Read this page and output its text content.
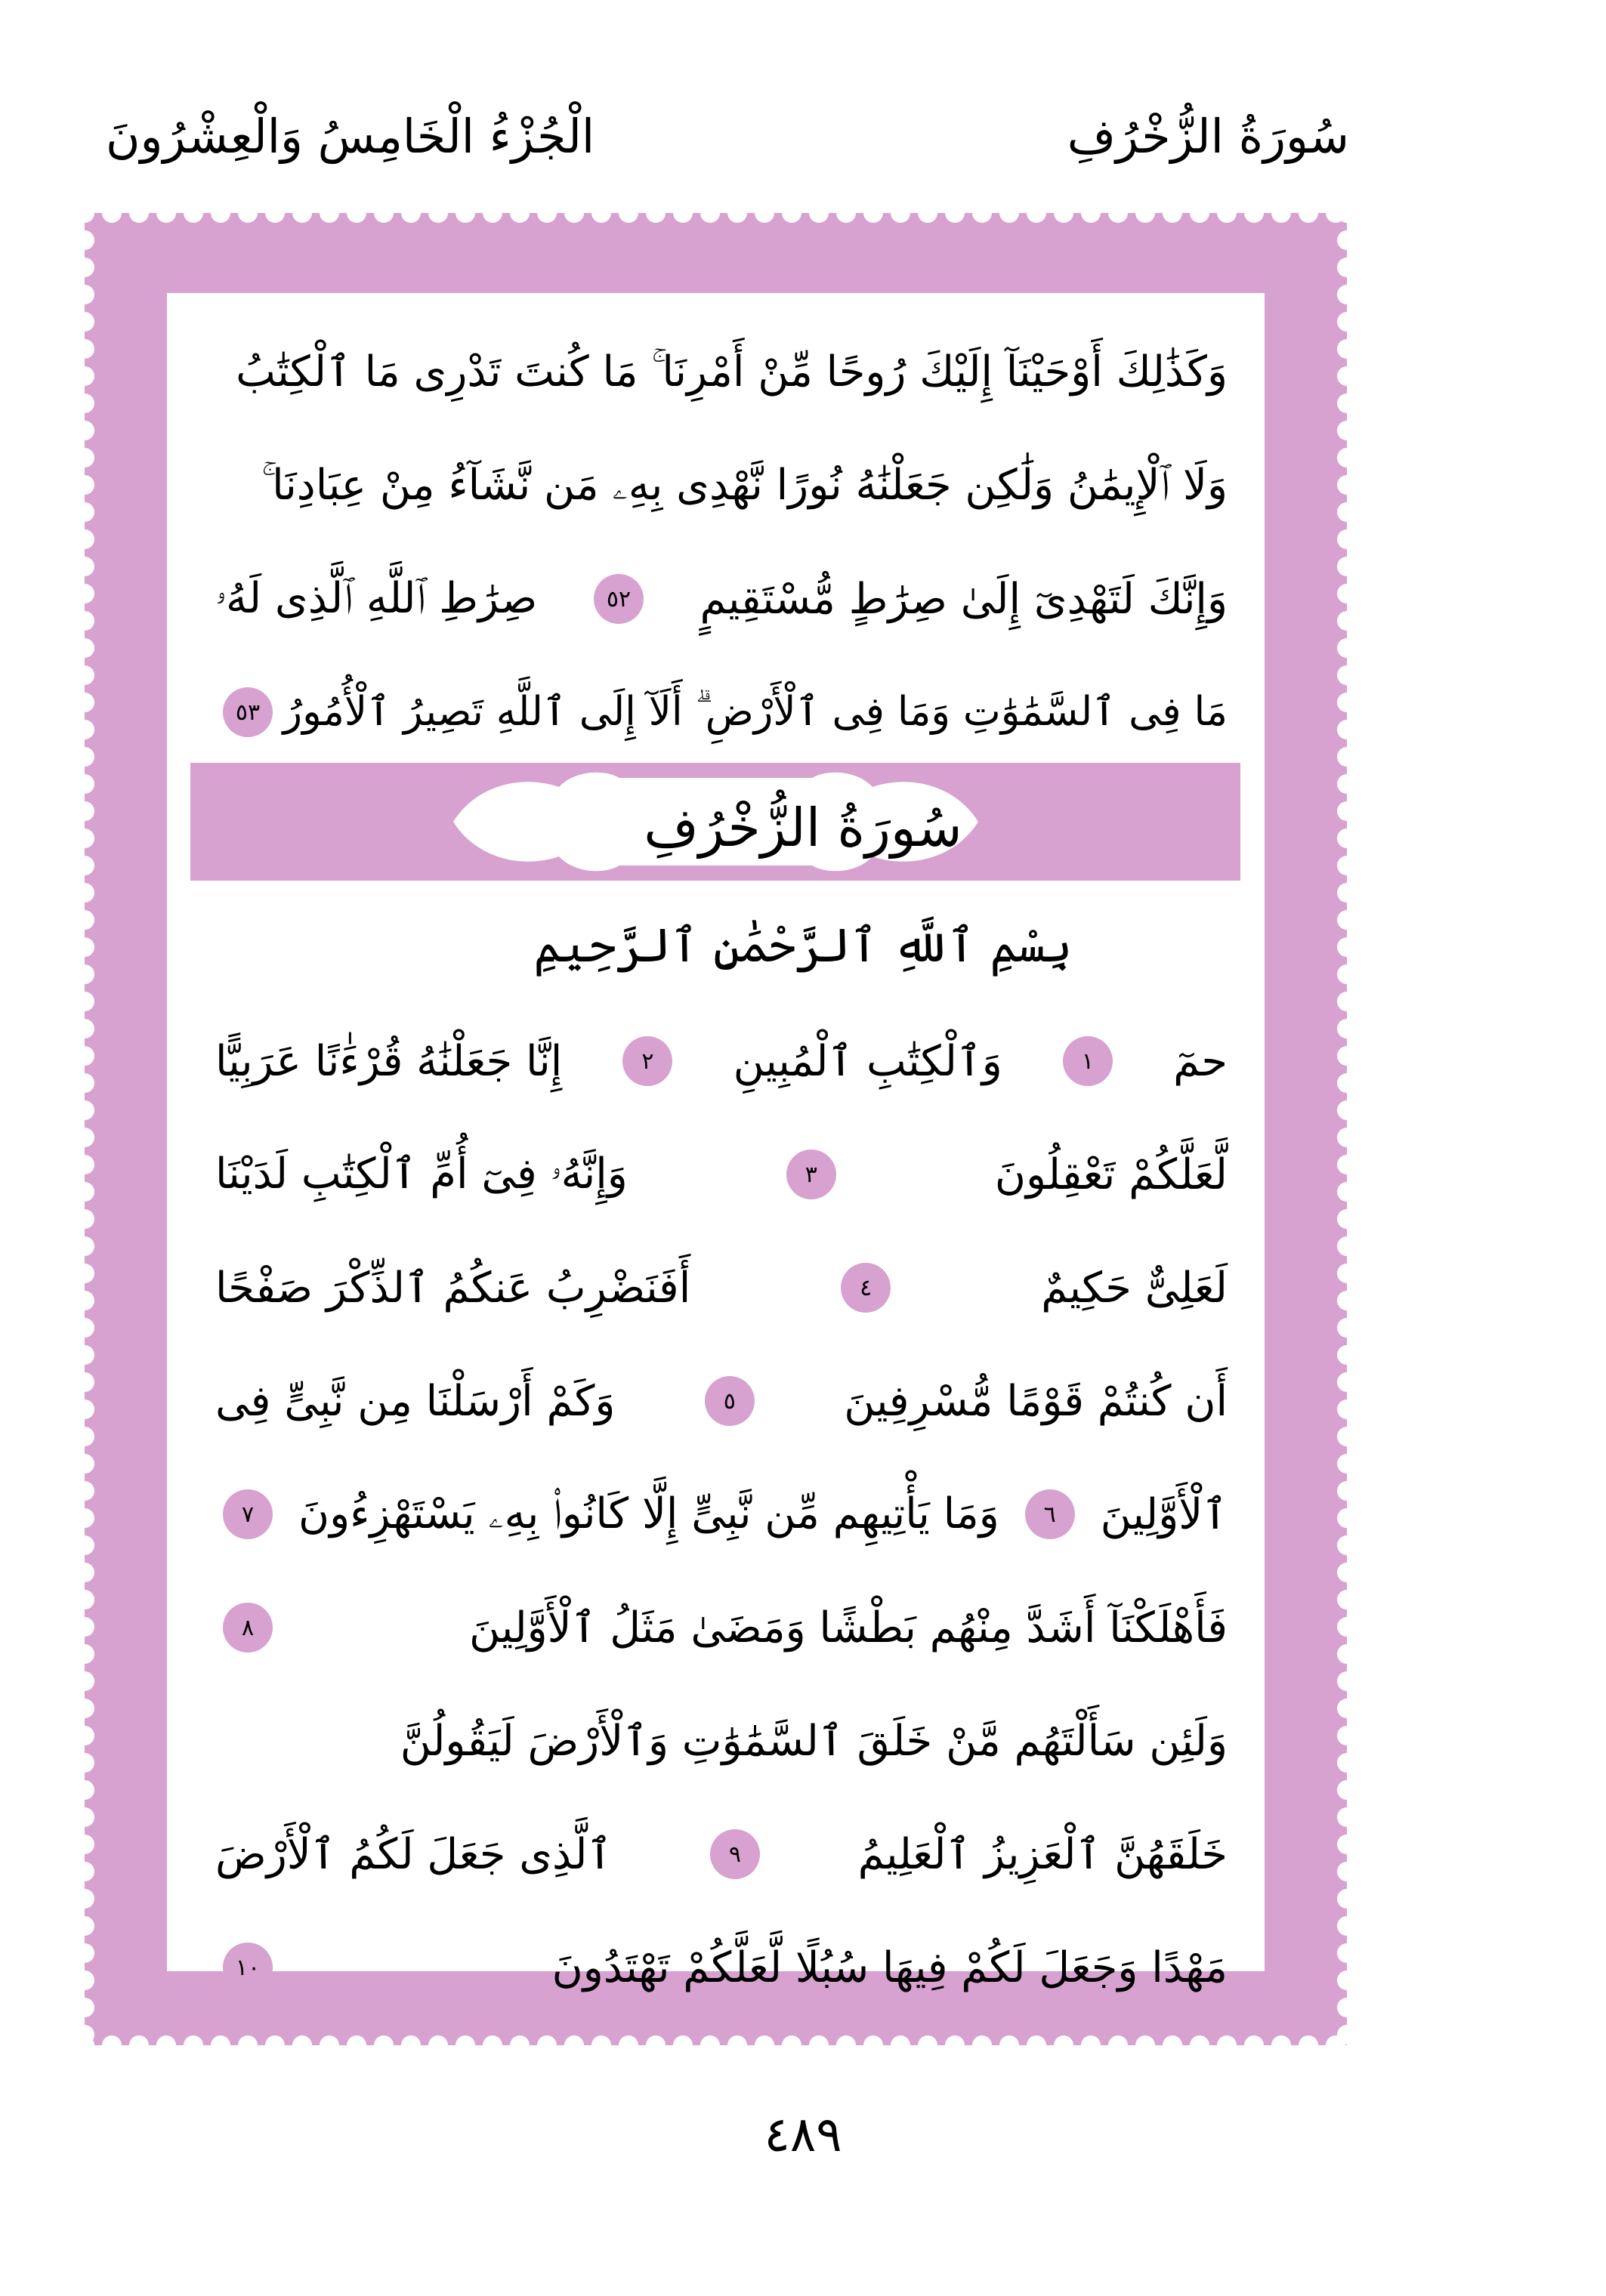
سُورَةُ الزُّخْرُفِ
الْجُزْءُ الْخَامِسُ وَالْعِشْرُونَ
وَكَذَٰلِكَ أَوْحَيْنَآ إِلَيْكَ رُوحًا مِّنْ أَمْرِنَا ۚ مَا كُنتَ تَدْرِى مَا ٱلْكِتَٰبُ
وَلَا ٱلْإِيمَٰنُ وَلَٰكِن جَعَلْنَٰهُ نُورًا نَّهْدِى بِهِۦ مَن نَّشَآءُ مِنْ عِبَادِنَا ۚ
وَإِنَّكَ لَتَهْدِىٓ إِلَىٰ صِرَٰطٍ مُّسْتَقِيمٍ
٥٢
صِرَٰطِ ٱللَّهِ ٱلَّذِى لَهُۥ
مَا فِى ٱلسَّمَٰوَٰتِ وَمَا فِى ٱلْأَرْضِ ۗ أَلَآ إِلَى ٱللَّهِ تَصِيرُ ٱلْأُمُورُ
٥٣
سُورَةُ الزُّخْرُفِ
بِسْمِ ٱللَّهِ ٱلرَّحْمَٰنِ ٱلرَّحِيمِ
حمٓ
١
وَٱلْكِتَٰبِ ٱلْمُبِينِ
٢
إِنَّا جَعَلْنَٰهُ قُرْءَٰنًا عَرَبِيًّا
لَّعَلَّكُمْ تَعْقِلُونَ
٣
وَإِنَّهُۥ فِىٓ أُمِّ ٱلْكِتَٰبِ لَدَيْنَا
لَعَلِىٌّ حَكِيمٌ
٤
أَفَنَضْرِبُ عَنكُمُ ٱلذِّكْرَ صَفْحًا
أَن كُنتُمْ قَوْمًا مُّسْرِفِينَ
٥
وَكَمْ أَرْسَلْنَا مِن نَّبِىٍّ فِى
ٱلْأَوَّلِينَ
٦
وَمَا يَأْتِيهِم مِّن نَّبِىٍّ إِلَّا كَانُوا۟ بِهِۦ يَسْتَهْزِءُونَ
٧
فَأَهْلَكْنَآ أَشَدَّ مِنْهُم بَطْشًا وَمَضَىٰ مَثَلُ ٱلْأَوَّلِينَ
٨
وَلَئِن سَأَلْتَهُم مَّنْ خَلَقَ ٱلسَّمَٰوَٰتِ وَٱلْأَرْضَ لَيَقُولُنَّ
خَلَقَهُنَّ ٱلْعَزِيزُ ٱلْعَلِيمُ
٩
ٱلَّذِى جَعَلَ لَكُمُ ٱلْأَرْضَ
مَهْدًا وَجَعَلَ لَكُمْ فِيهَا سُبُلًا لَّعَلَّكُمْ تَهْتَدُونَ
١٠
٤٨٩
